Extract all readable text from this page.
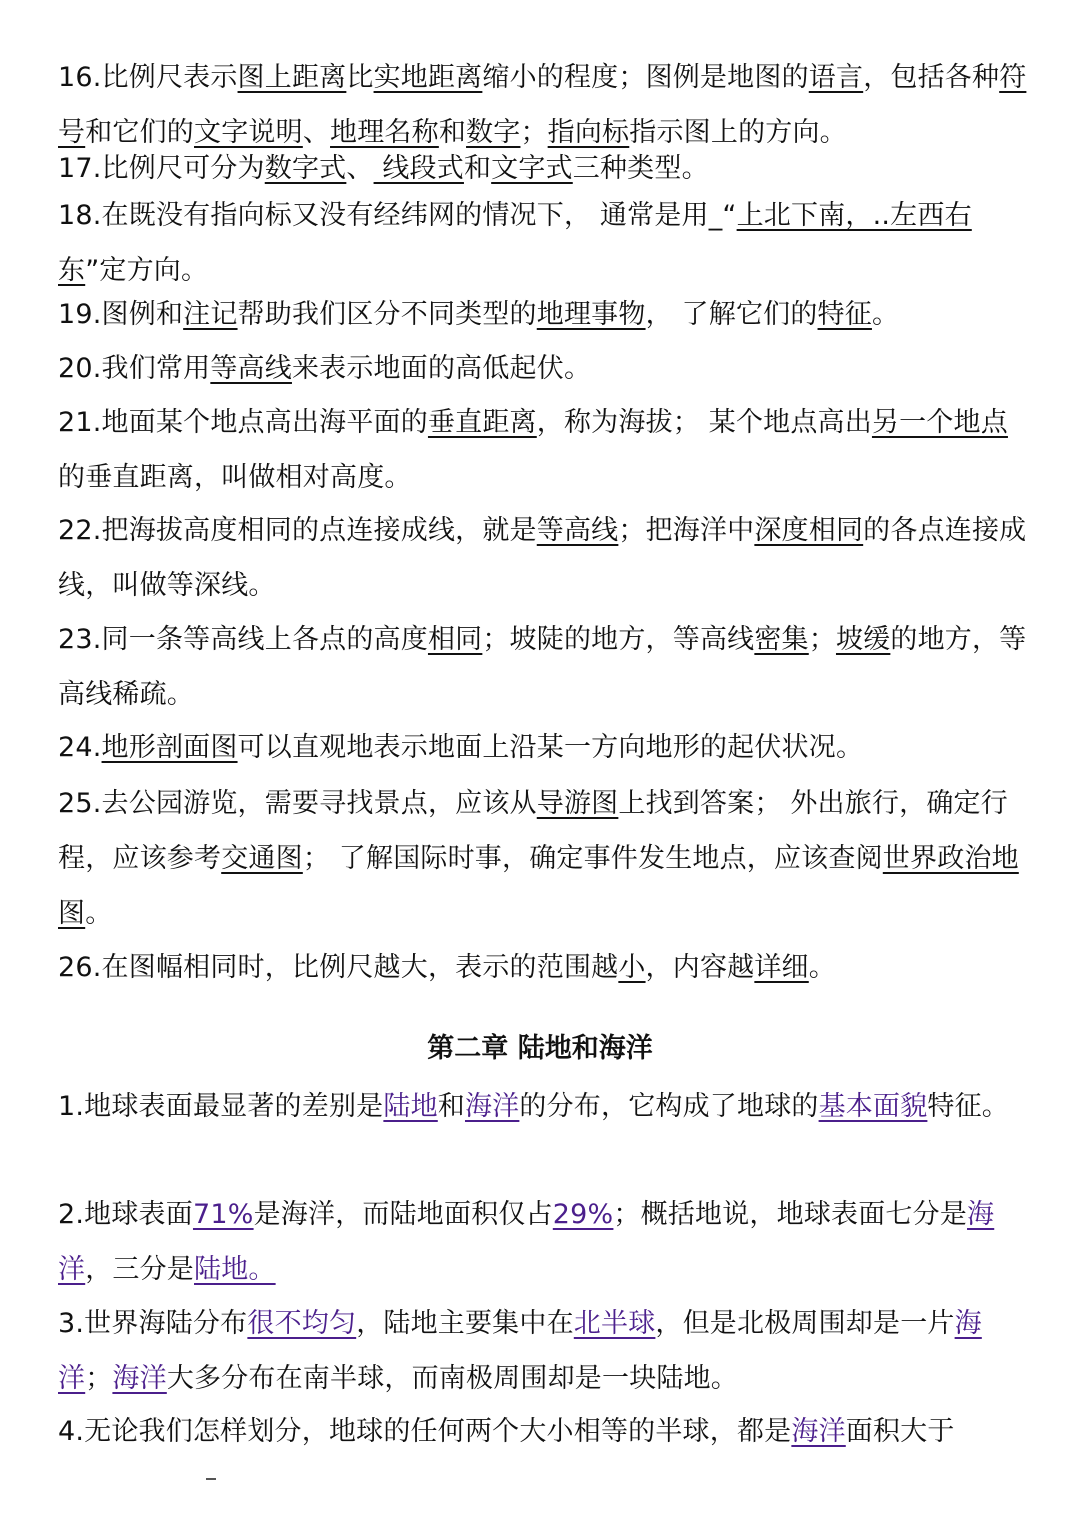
16.比例尺表示图上距离比实地距离缩小的程度；图例是地图的语言，包括各种符号和它们的文字说明、地理名称和数字；指向标指示图上的方向。
17.比例尺可分为数字式、 线段式和文字式三种类型。
18.在既没有指向标又没有经纬网的情况下， 通常是用_“上北下南，..左西右东”定方向。
19.图例和注记帮助我们区分不同类型的地理事物， 了解它们的特征。
20.我们常用等高线来表示地面的高低起伏。
21.地面某个地点高出海平面的垂直距离，称为海拔； 某个地点高出另一个地点的垂直距离，叫做相对高度。
22.把海拔高度相同的点连接成线，就是等高线；把海洋中深度相同的各点连接成线，叫做等深线。
23.同一条等高线上各点的高度相同；坡陡的地方，等高线密集；坡缓的地方，等高线稀疏。
24.地形剖面图可以直观地表示地面上沿某一方向地形的起伏状况。
25.去公园游览，需要寻找景点，应该从导游图上找到答案； 外出旅行，确定行程，应该参考交通图； 了解国际时事，确定事件发生地点，应该查阅世界政治地图。
26.在图幅相同时，比例尺越大，表示的范围越小，内容越详细。
第二章 陆地和海洋
1.地球表面最显著的差别是陆地和海洋的分布，它构成了地球的基本面貌特征。
2.地球表面71%是海洋，而陆地面积仅占29%；概括地说，地球表面七分是海洋，三分是陆地。
3.世界海陆分布很不均匀，陆地主要集中在北半球，但是北极周围却是一片海洋；海洋大多分布在南半球，而南极周围却是一块陆地。
4.无论我们怎样划分，地球的任何两个大小相等的半球，都是海洋面积大于
